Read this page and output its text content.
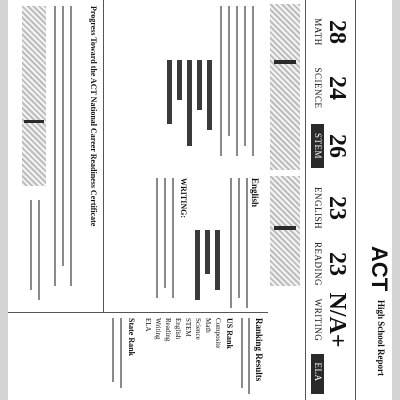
ACT
High School Report
28
MATH
24
SCIENCE
26
STEM
23
ENGLISH
23
READING
N/A+
WRITING
ELA
English
WRITING:
Ranking Results
US Rank
Composite
Math
Science
STEM
English
Reading
Writing
ELA
State Rank
Progress Toward the ACT National Career Readiness Certificate
